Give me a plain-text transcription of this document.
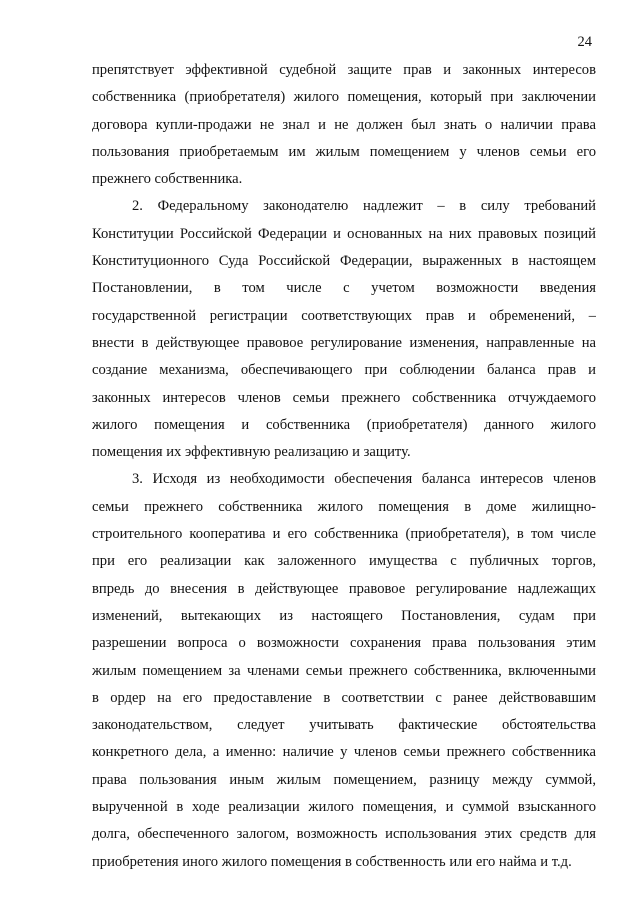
24
препятствует эффективной судебной защите прав и законных интересов
собственника (приобретателя) жилого помещения, который при заключении
договора купли-продажи не знал и не должен был знать о наличии права
пользования приобретаемым им жилым помещением у членов семьи его
прежнего собственника.
2. Федеральному законодателю надлежит – в силу требований
Конституции Российской Федерации и основанных на них правовых позиций
Конституционного Суда Российской Федерации, выраженных в настоящем
Постановлении, в том числе с учетом возможности введения
государственной регистрации соответствующих прав и обременений, –
внести в действующее правовое регулирование изменения, направленные на
создание механизма, обеспечивающего при соблюдении баланса прав и
законных интересов членов семьи прежнего собственника отчуждаемого
жилого помещения и собственника (приобретателя) данного жилого
помещения их эффективную реализацию и защиту.
3. Исходя из необходимости обеспечения баланса интересов членов
семьи прежнего собственника жилого помещения в доме жилищно-
строительного кооператива и его собственника (приобретателя), в том числе
при его реализации как заложенного имущества с публичных торгов,
впредь до внесения в действующее правовое регулирование надлежащих
изменений, вытекающих из настоящего Постановления, судам при
разрешении вопроса о возможности сохранения права пользования этим
жилым помещением за членами семьи прежнего собственника, включенными
в ордер на его предоставление в соответствии с ранее действовавшим
законодательством, следует учитывать фактические обстоятельства
конкретного дела, а именно: наличие у членов семьи прежнего собственника
права пользования иным жилым помещением, разницу между суммой,
вырученной в ходе реализации жилого помещения, и суммой взысканного
долга, обеспеченного залогом, возможность использования этих средств для
приобретения иного жилого помещения в собственность или его найма и т.д.
